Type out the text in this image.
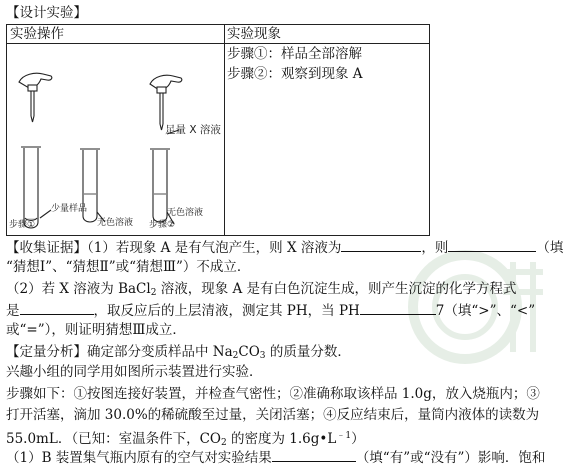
【设计实验】
实验操作	实验现象
步骤①：样品全部溶解
步骤②：观察到现象 A
少量样品
步骤①	无色溶液
无色溶液
步骤②
足量 X 溶液
【收集证据】（1）若现象 A 是有气泡产生，则 X 溶液为	，则	（填
“猜想Ⅰ”、“猜想Ⅱ”或“猜想Ⅲ”）不成立．
（2）若 X 溶液为 BaCl$_2$ 溶液，现象 A 是有白色沉淀生成，则产生沉淀的化学方程式
是	，取反应后的上层清液，测定其 PH，当 PH	7（填“>”、“<”
或“=”），则证明猜想Ⅲ成立．
【定量分析】确定部分变质样品中 $Na_2CO_3$ 的质量分数．
兴趣小组的同学用如图所示装置进行实验．
步骤如下：①按图连接好装置，并检查气密性；②准确称取该样品 1.0g，放入烧瓶内；③
打开活塞，滴加 30.0%的稀硫酸至过量，关闭活塞；④反应结束后，量筒内液体的读数为
55.0mL．（已知：室温条件下，$CO_2$ 的密度为 $1.6g•L^{﹣1}$）
（1）B 装置集气瓶内原有的空气对实验结果	（填“有”或“没有”）影响．饱和
